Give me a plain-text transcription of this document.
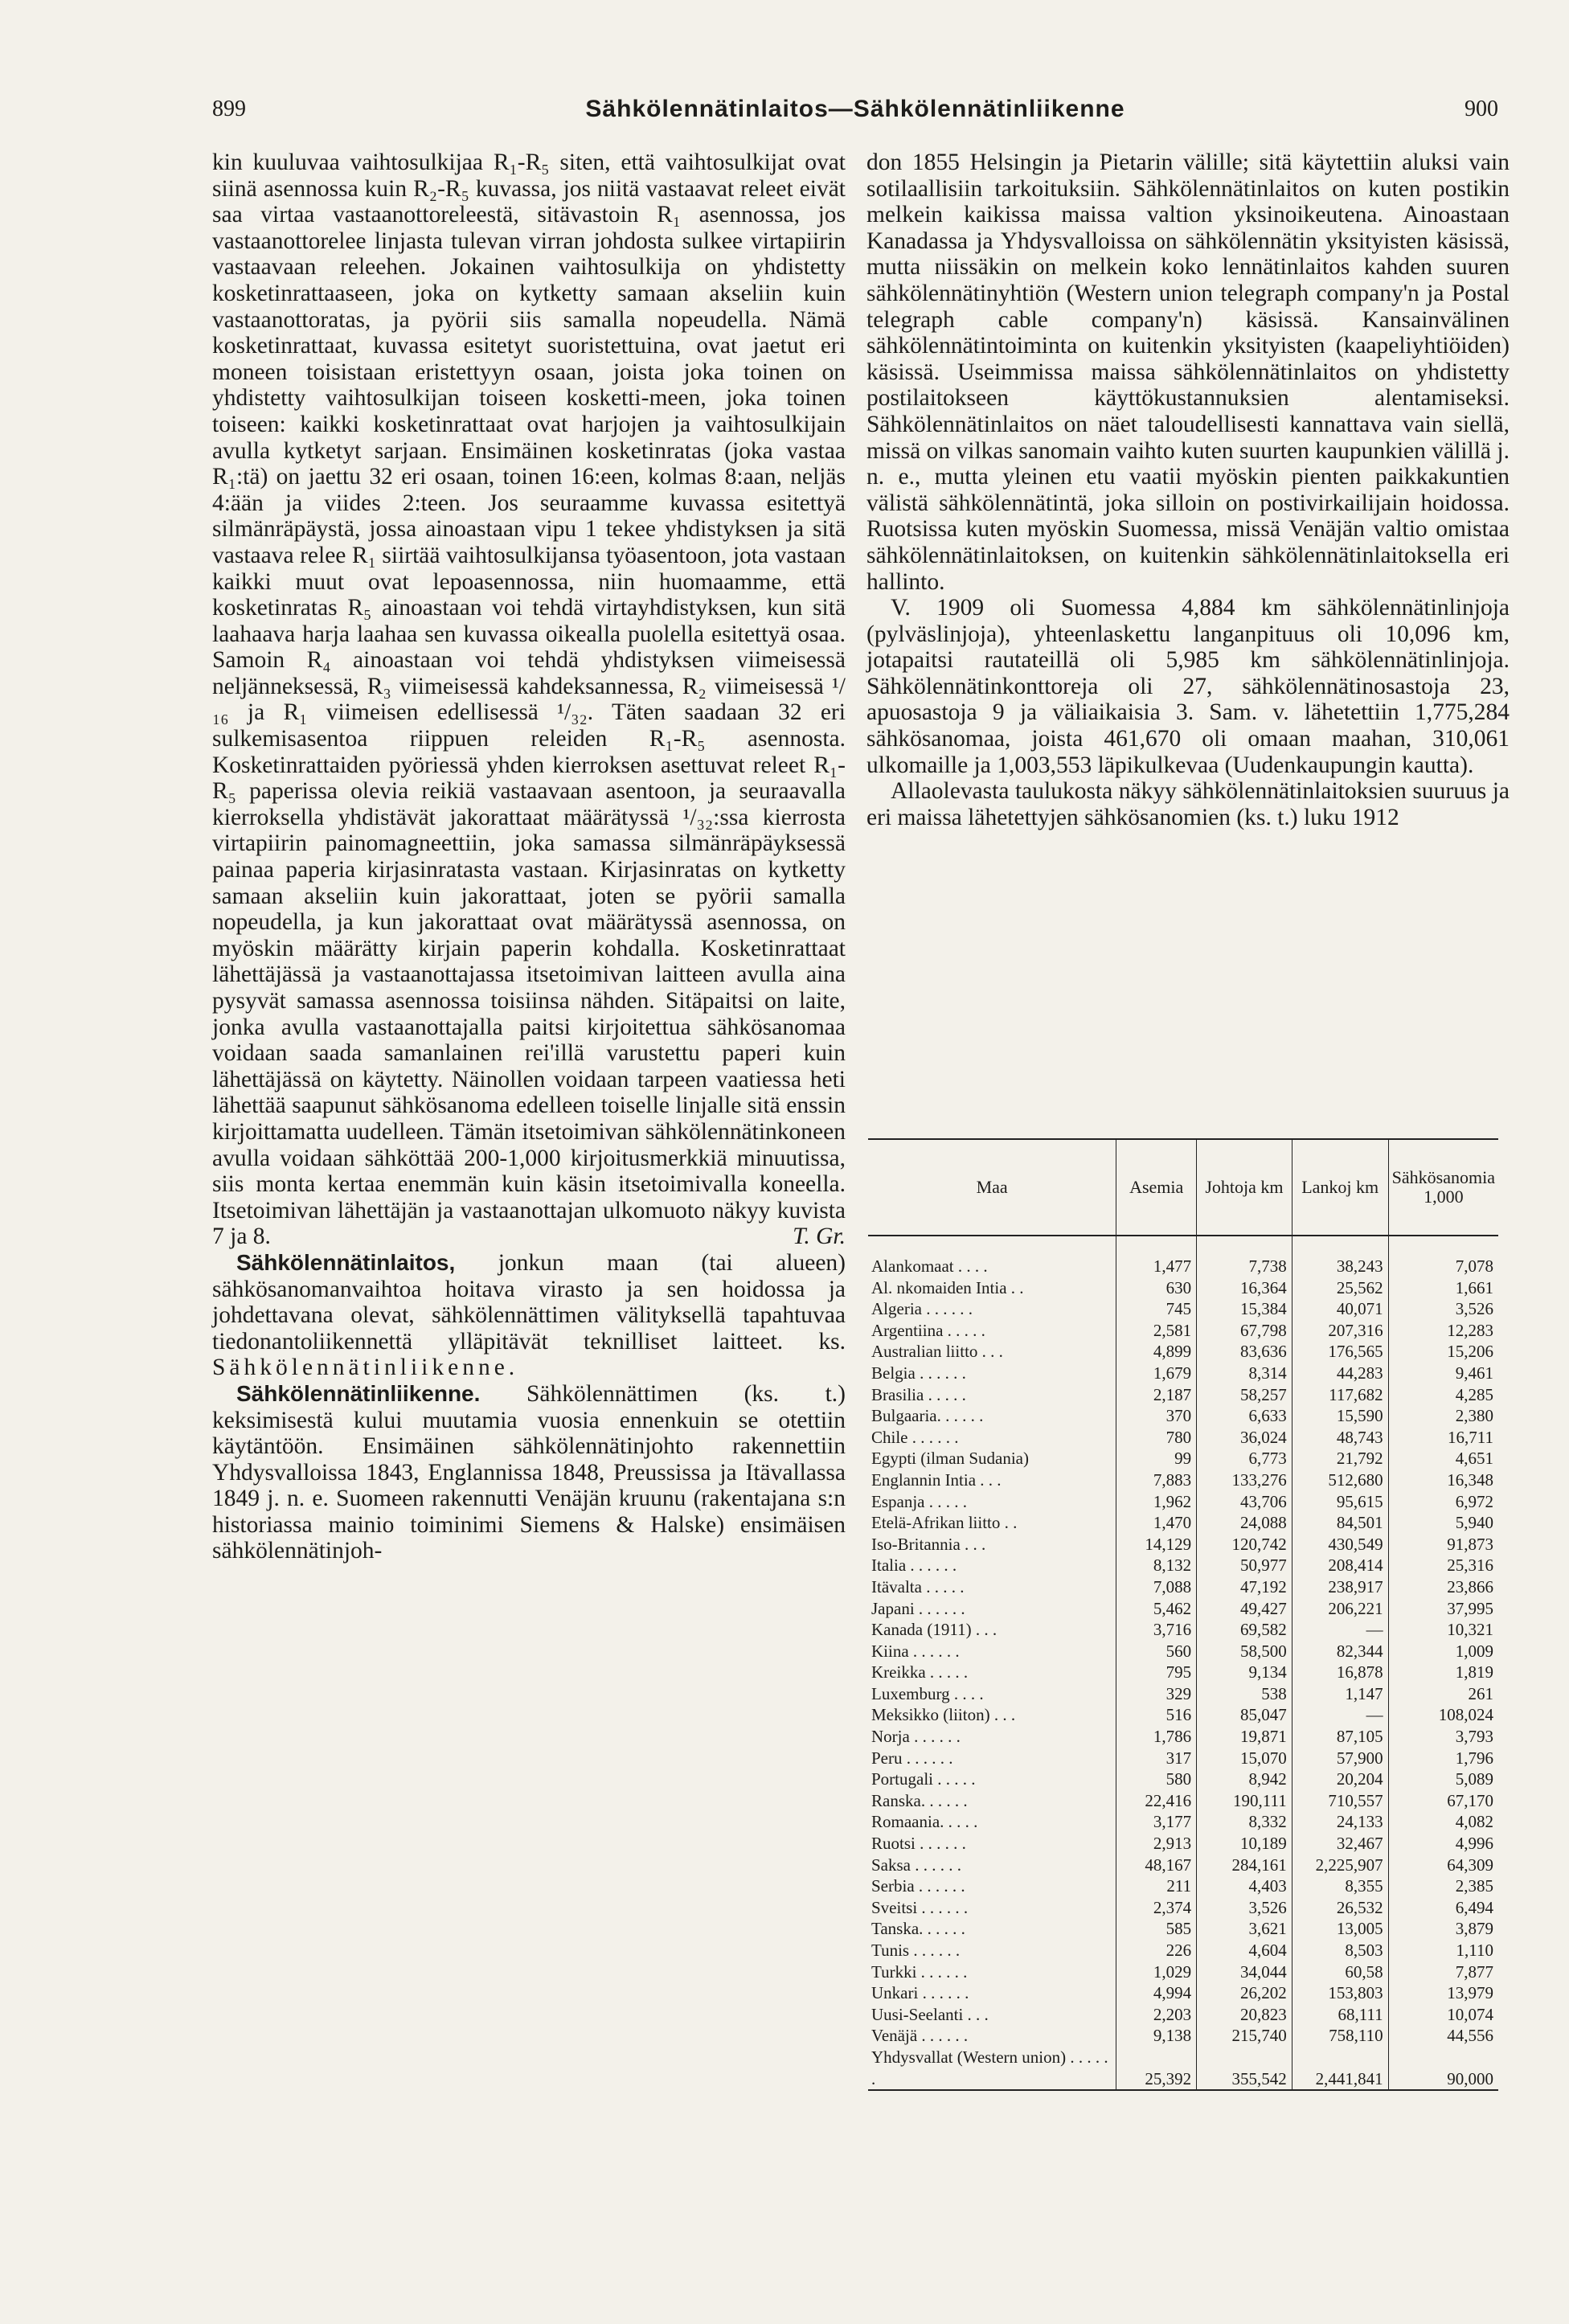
899	Sähkölennätinlaitos—Sähkölennätinliikenne	900

kin kuuluvaa vaihtosulkijaa R₁-R₅ siten, että vaihtosulkijat ovat siinä asennossa kuin R₂-R₅ kuvassa, jos niitä vastaavat releet eivät saa virtaa vastaanottoreleestä, sitävastoin R₁ asennossa, jos vastaanottorelee linjasta tulevan virran johdosta sulkee virtapiirin vastaavaan releehen. Jokainen vaihtosulkija on yhdistetty kosketinrattaaseen, joka on kytketty samaan akseliin kuin vastaanottoratas, ja pyörii siis samalla nopeudella. Nämä kosketinrattaat, kuvassa esitetyt suoristettuina, ovat jaetut eri moneen toisistaan eristettyyn osaan, joista joka toinen on yhdistetty vaihtosulkijan toiseen kosketti-meen, joka toinen toiseen: kaikki kosketinrattaat ovat harjojen ja vaihtosulkijain avulla kytketyt sarjaan. Ensimäinen kosketinratas (joka vastaa R₁:tä) on jaettu 32 eri osaan, toinen 16:een, kolmas 8:aan, neljäs 4:ään ja viides 2:teen. Jos seuraamme kuvassa esitettyä silmänräpäystä, jossa ainoastaan vipu 1 tekee yhdistyksen ja sitä vastaava relee R₁ siirtää vaihtosulkijansa työasentoon, jota vastaan kaikki muut ovat lepoasennossa, niin huomaamme, että kosketinratas R₅ ainoastaan voi tehdä virtayhdistyksen, kun sitä laahaava harja laahaa sen kuvassa oikealla puolella esitettyä osaa. Samoin R₄ ainoastaan voi tehdä yhdistyksen viimeisessä neljänneksessä, R₃ viimeisessä kahdeksannessa, R₂ viimeisessä ¹/₁₆ ja R₁ viimeisen edellisessä ¹/₃₂. Täten saadaan 32 eri sulkemisasentoa riippuen releiden R₁-R₅ asennosta. Kosketinrattaiden pyöriessä yhden kierroksen asettuvat releet R₁-R₅ paperissa olevia reikiä vastaavaan asentoon, ja seuraavalla kierroksella yhdistävät jakorattaat määrätyssä ¹/₃₂:ssa kierrosta virtapiirin painomagneettiin, joka samassa silmänräpäyksessä painaa paperia kirjasinratasta vastaan. Kirjasinratas on kytketty samaan akseliin kuin jakorattaat, joten se pyörii samalla nopeudella, ja kun jakorattaat ovat määrätyssä asennossa, on myöskin määrätty kirjain paperin kohdalla. Kosketinrattaat lähettäjässä ja vastaanottajassa itsetoimivan laitteen avulla aina pysyvät samassa asennossa toisiinsa nähden. Sitäpaitsi on laite, jonka avulla vastaanottajalla paitsi kirjoitettua sähkösanomaa voidaan saada samanlainen rei'illä varustettu paperi kuin lähettäjässä on käytetty. Näinollen voidaan tarpeen vaatiessa heti lähettää saapunut sähkösanoma edelleen toiselle linjalle sitä enssin kirjoittamatta uudelleen. Tämän itsetoimivan sähkölennätinkoneen avulla voidaan sähköttää 200-1,000 kirjoitusmerkkiä minuutissa, siis monta kertaa enemmän kuin käsin itsetoimivalla koneella. Itsetoimivan lähettäjän ja vastaanottajan ulkomuoto näkyy kuvista 7 ja 8.	T. Gr.

Sähkölennätinlaitos, jonkun maan (tai alueen) sähkösanomanvaihtoa hoitava virasto ja sen hoidossa ja johdettavana olevat, sähkölennättimen välityksellä tapahtuvaa tiedonantoliikennettä ylläpitävät teknilliset laitteet. ks. Sähkölennätinliikenne.

Sähkölennätinliikenne. Sähkölennättimen (ks. t.) keksimisestä kului muutamia vuosia ennenkuin se otettiin käytäntöön. Ensimäinen sähkölennätinjohto rakennettiin Yhdysvalloissa 1843, Englannissa 1848, Preussissa ja Itävallassa 1849 j. n. e. Suomeen rakennutti Venäjän kruunu (rakentajana s:n historiassa mainio toiminimi Siemens & Halske) ensimäisen sähkölennätinjoh-

don 1855 Helsingin ja Pietarin välille; sitä käytettiin aluksi vain sotilaallisiin tarkoituksiin. Sähkölennätinlaitos on kuten postikin melkein kaikissa maissa valtion yksinoikeutena. Ainoastaan Kanadassa ja Yhdysvalloissa on sähkölennätin yksityisten käsissä, mutta niissäkin on melkein koko lennätinlaitos kahden suuren sähkölennätinyhtiön (Western union telegraph company'n ja Postal telegraph cable company'n) käsissä. Kansainvälinen sähkölennätintoiminta on kuitenkin yksityisten (kaapeliyhtiöiden) käsissä. Useimmissa maissa sähkölennätinlaitos on yhdistetty postilaitokseen käyttökustannuksien alentamiseksi. Sähkölennätinlaitos on näet taloudellisesti kannattava vain siellä, missä on vilkas sanomain vaihto kuten suurten kaupunkien välillä j. n. e., mutta yleinen etu vaatii myöskin pienten paikkakuntien välistä sähkölennätintä, joka silloin on postivirkailijain hoidossa. Ruotsissa kuten myöskin Suomessa, missä Venäjän valtio omistaa sähkölennätinlaitoksen, on kuitenkin sähkölennätinlaitoksella eri hallinto.

V. 1909 oli Suomessa 4,884 km sähkölennätinlinjoja (pylväslinjoja), yhteenlaskettu langanpituus oli 10,096 km, jotapaitsi rautateillä oli 5,985 km sähkölennätinlinjoja. Sähkölennätinkonttoreja oli 27, sähkölennätinosastoja 23, apuosastoja 9 ja väliaikaisia 3. Sam. v. lähetettiin 1,775,284 sähkösanomaa, joista 461,670 oli omaan maahan, 310,061 ulkomaille ja 1,003,553 läpikulkevaa (Uudenkaupungin kautta).

Allaolevasta taulukosta näkyy sähkölennätinlaitoksien suuruus ja eri maissa lähetettyjen sähkösanomien (ks. t.) luku 1912

Maa	Asemia	Johtoja km	Lankoj km	Sähkösanomia 1,000
Alankomaat . . . .	1,477	7,738	38,243	7,078
Al. nkomaiden Intia . .	630	16,364	25,562	1,661
Algeria . . . . . .	745	15,384	40,071	3,526
Argentiina . . . . .	2,581	67,798	207,316	12,283
Australian liitto . . .	4,899	83,636	176,565	15,206
Belgia . . . . . .	1,679	8,314	44,283	9,461
Brasilia . . . . .	2,187	58,257	117,682	4,285
Bulgaaria. . . . . .	370	6,633	15,590	2,380
Chile . . . . . .	780	36,024	48,743	16,711
Egypti (ilman Sudania)	99	6,773	21,792	4,651
Englannin Intia . . .	7,883	133,276	512,680	16,348
Espanja . . . . .	1,962	43,706	95,615	6,972
Etelä-Afrikan liitto . .	1,470	24,088	84,501	5,940
Iso-Britannia . . .	14,129	120,742	430,549	91,873
Italia . . . . . .	8,132	50,977	208,414	25,316
Itävalta . . . . .	7,088	47,192	238,917	23,866
Japani . . . . . .	5,462	49,427	206,221	37,995
Kanada (1911) . . .	3,716	69,582	—	10,321
Kiina . . . . . .	560	58,500	82,344	1,009
Kreikka . . . . .	795	9,134	16,878	1,819
Luxemburg . . . .	329	538	1,147	261
Meksikko (liiton) . . .	516	85,047	—	108,024
Norja . . . . . .	1,786	19,871	87,105	3,793
Peru . . . . . .	317	15,070	57,900	1,796
Portugali . . . . .	580	8,942	20,204	5,089
Ranska. . . . . .	22,416	190,111	710,557	67,170
Romaania. . . . .	3,177	8,332	24,133	4,082
Ruotsi . . . . . .	2,913	10,189	32,467	4,996
Saksa . . . . . .	48,167	284,161	2,225,907	64,309
Serbia . . . . . .	211	4,403	8,355	2,385
Sveitsi . . . . . .	2,374	3,526	26,532	6,494
Tanska. . . . . .	585	3,621	13,005	3,879
Tunis . . . . . .	226	4,604	8,503	1,110
Turkki . . . . . .	1,029	34,044	60,58	7,877
Unkari . . . . . .	4,994	26,202	153,803	13,979
Uusi-Seelanti . . .	2,203	20,823	68,111	10,074
Venäjä . . . . . .	9,138	215,740	758,110	44,556
Yhdysvallat (Western union) . . . . . .	25,392	355,542	2,441,841	90,000
